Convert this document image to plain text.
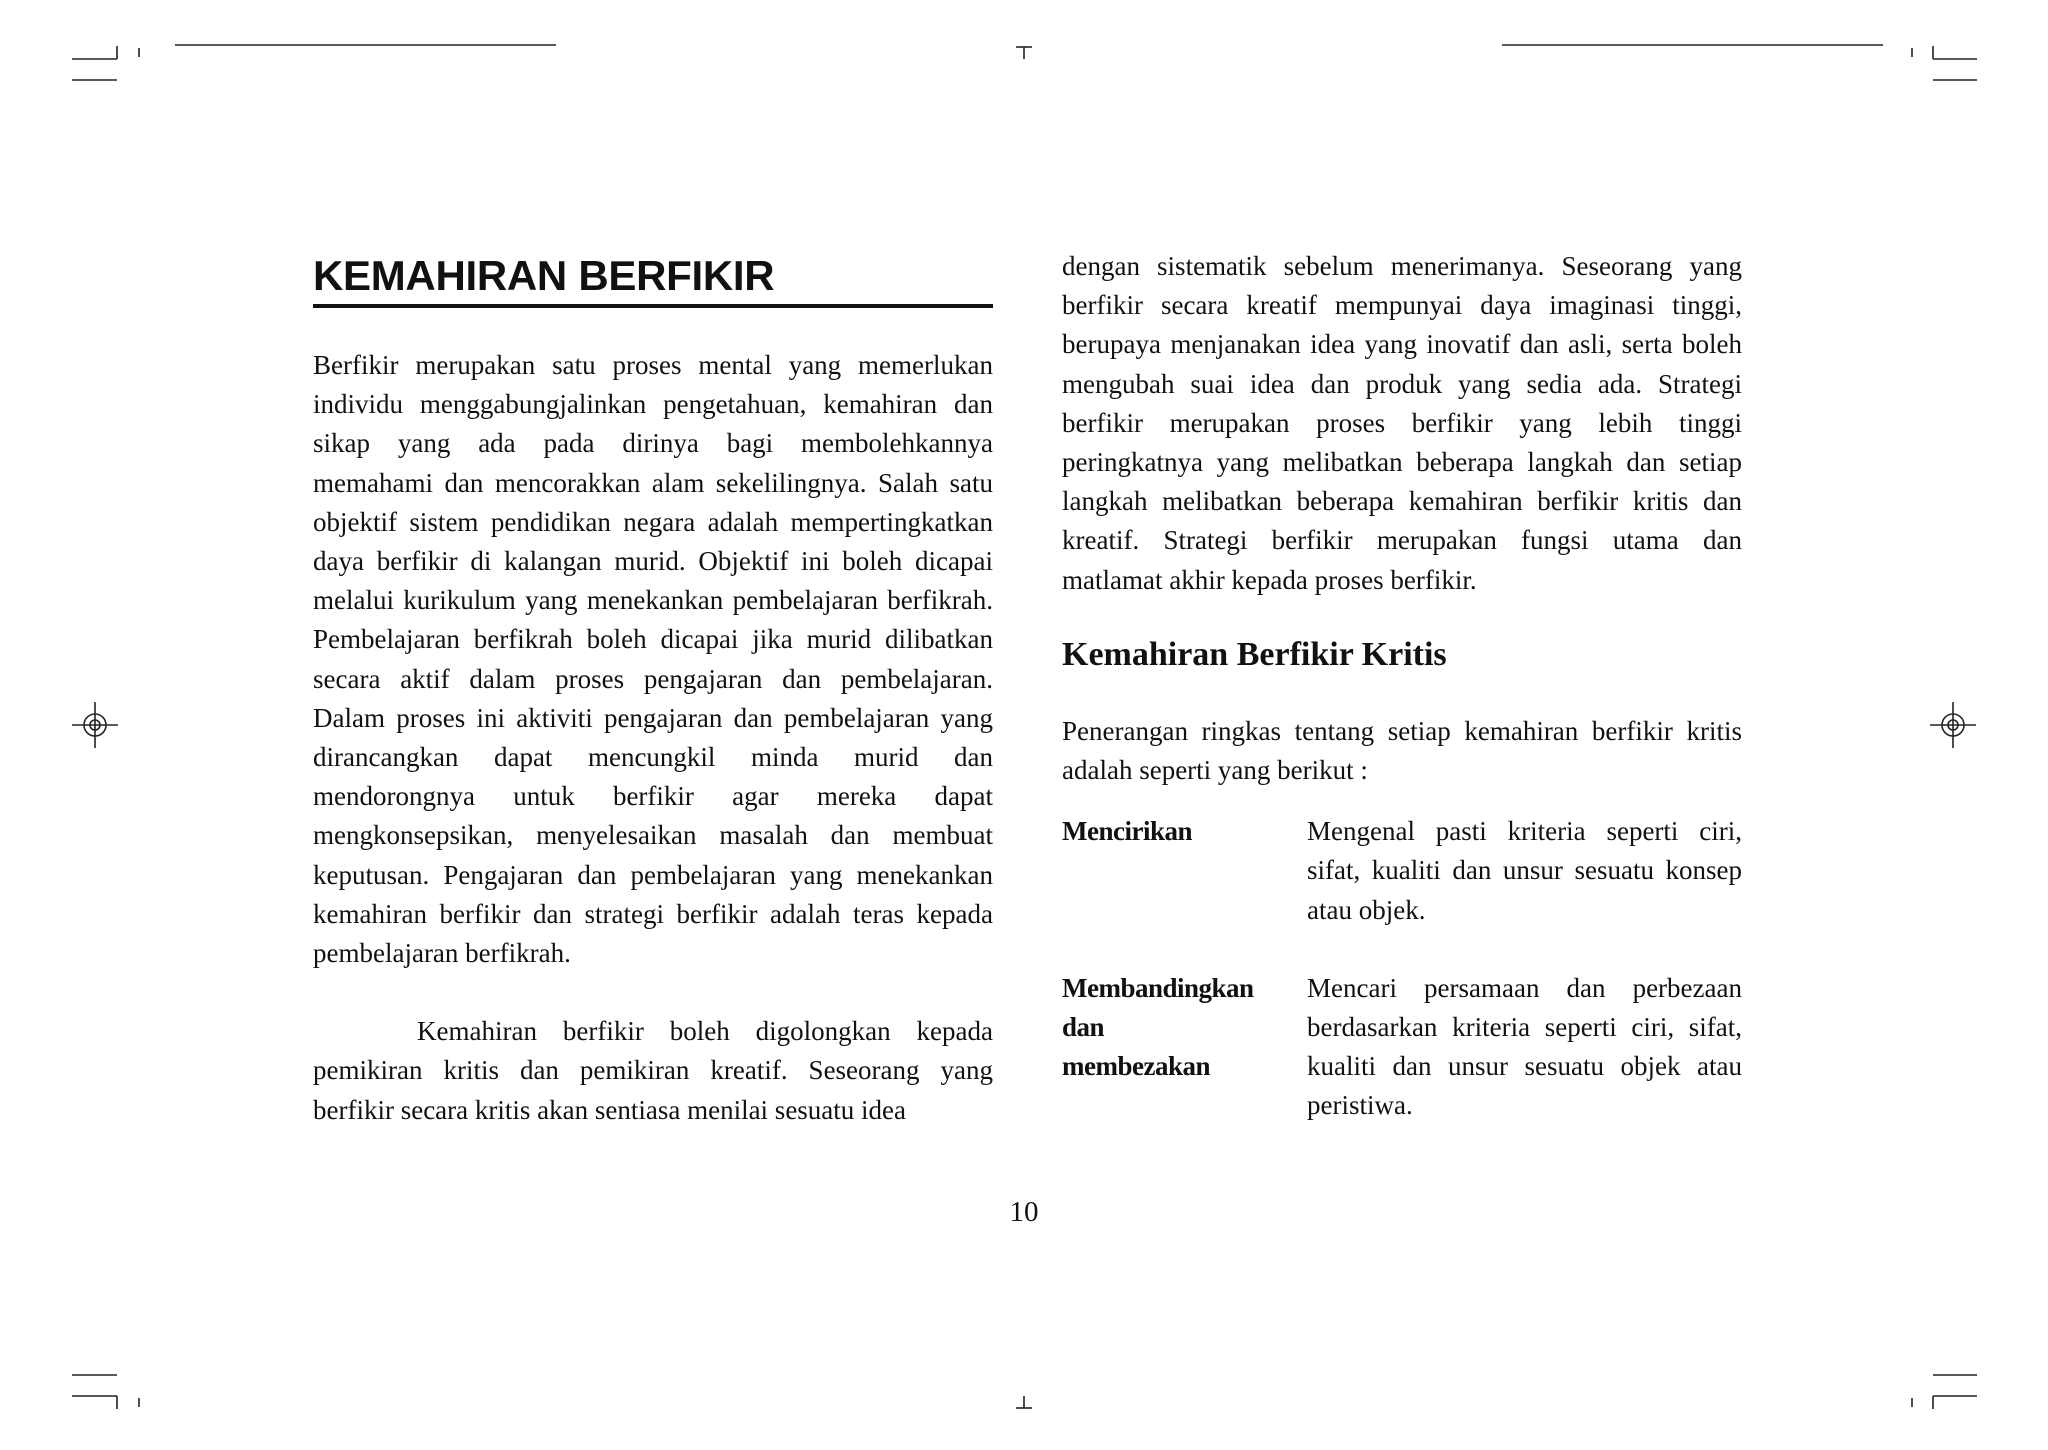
KEMAHIRAN BERFIKIR

Berfikir merupakan satu proses mental yang memerlukan individu menggabungjalinkan pengetahuan, kemahiran dan sikap yang ada pada dirinya bagi membolehkannya memahami dan mencorakkan alam sekelilingnya. Salah satu objektif sistem pendidikan negara adalah mempertingkatkan daya berfikir di kalangan murid. Objektif ini boleh dicapai melalui kurikulum yang menekankan pembelajaran berfikrah. Pembelajaran berfikrah boleh dicapai jika murid dilibatkan secara aktif dalam proses pengajaran dan pembelajaran. Dalam proses ini aktiviti pengajaran dan pembelajaran yang dirancangkan dapat mencungkil minda murid dan mendorongnya untuk berfikir agar mereka dapat mengkonsepsikan, menyelesaikan masalah dan membuat keputusan. Pengajaran dan pembelajaran yang menekankan kemahiran berfikir dan strategi berfikir adalah teras kepada pembelajaran berfikrah.

Kemahiran berfikir boleh digolongkan kepada pemikiran kritis dan pemikiran kreatif. Seseorang yang berfikir secara kritis akan sentiasa menilai sesuatu idea

dengan sistematik sebelum menerimanya. Seseorang yang berfikir secara kreatif mempunyai daya imaginasi tinggi, berupaya menjanakan idea yang inovatif dan asli, serta boleh mengubah suai idea dan produk yang sedia ada. Strategi berfikir merupakan proses berfikir yang lebih tinggi peringkatnya yang melibatkan beberapa langkah dan setiap langkah melibatkan beberapa kemahiran berfikir kritis dan kreatif. Strategi berfikir merupakan fungsi utama dan matlamat akhir kepada proses berfikir.

Kemahiran Berfikir Kritis

Penerangan ringkas tentang setiap kemahiran berfikir kritis adalah seperti yang berikut :

Mencirikan	Mengenal pasti kriteria seperti ciri, sifat, kualiti dan unsur sesuatu konsep atau objek.
Membandingkan
dan
membezakan
Mencari persamaan dan perbezaan berdasarkan kriteria seperti ciri, sifat, kualiti dan unsur sesuatu objek atau peristiwa.
10
